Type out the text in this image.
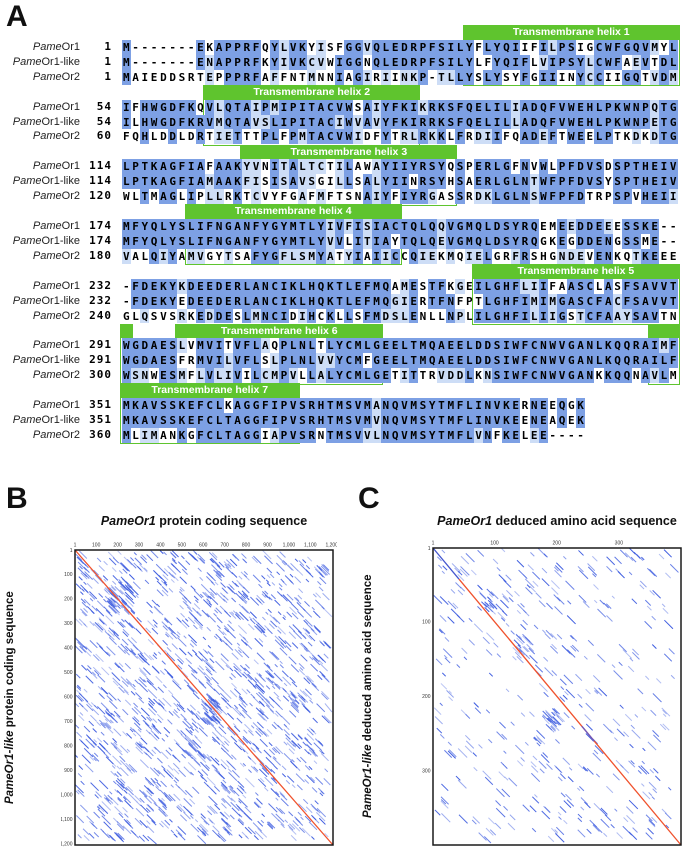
A	Transmembrane helix 1
PameOr1	1 M - - - - - - - E K A P P R F Q Y L V K Y I S F G G V Q L E D R P F S I L Y F L Y Q I I F I L P S I G C W F G Q V M Y L
PameOr1-like	1 M - - - - - - - E N A P P R F K Y I V K C V W I G G N Q L E D R P F S I L Y L F Y Q I F L V I P S Y L C W F A E V T D L
PameOr2	1 M A I E D D S R T E P P P R F A F F N T M N N I A G I R I I N K P - T L L Y S L Y S Y F G I I I N Y C C I I G Q T V D M
Transmembrane helix 2
PameOr1	54 I F H W G D F K Q V L Q T A I P M I P I T A C V W S A I Y F K I K R K S F Q E L I L I A D Q F V W E H L P K W N P Q T G
PameOr1-like	54 I L H W G D F K R V M Q T A V S L I P I T A C I W V A V Y F K I R R K S F Q E L I L L A D Q F V W E H L P K W N P E T G
PameOr2	60 F Q H L D D L D R T I E T T T P L F P M T A C V W I D F Y T R L R K K L F R D I I F Q A D E F T W E E L P T K D K D T G
Transmembrane helix 3
PameOr1 114 L P T K A G F I A F A A K Y V N I T A L T C T I L A W A Y I I Y R S Y Q S P E R L G F N V W L P F D V S D S P T H E I V
PameOr1-like 114 L P T K A G F I A M A A K F I S I S A V S G I L L S A L Y I I N R S Y H S A E R L G L N T W F P F D V S Y S P T H E I V
PameOr2 120 W L T M A G L I P L L R K T C V Y F G A F M F T S N A I Y F I Y R G A S S R D K L G L N S W F P F D T R P S P V H E I I
Transmembrane helix 4
PameOr1 174 M F Y Q L Y S L I F N G A N F Y G Y M T L Y I V F I S I A C T Q L Q Q V G M Q L D S Y R Q E M E E D D E E E S S K E - -
PameOr1-like 174 M F Y Q L Y S L I F N G A N F Y G Y M T L Y V V L I T I A Y T Q L Q E V G M Q L D S Y R Q G K E G D D E N G S S M E - -
PameOr2 180 V A L Q I Y A M V G Y T S A F Y G F L S M Y A T Y I A I I C C Q I E K M Q I E L G R F R S H G N D E V E N K Q T K E E E
Transmembrane helix 5
PameOr1 232 - F D E K Y K D E E D E R L A N C I K L H Q K T L E F M Q A M E S T F K G E I L G H F L I I F A A S C L A S F S A V V T
PameOr1-like 232 - F D E K Y E D E E D E R L A N C I K L H Q K T L E F M Q G I E R T F N F P T L G H F I M I M G A S C F A C F S A V V T
PameOr2 240 G L Q S V S R K E D D E S L M N C I D I H C K L L S F M D S L E N L L N P L I L G H F I L I I G S T C F A A Y S A V T N
Transmembrane helix 6
PameOr1 291 W G D A E S L V M V I T V F L A Q P L N L T L Y C M L G E E L T M Q A E E L D D S I W F C N W V G A N L K Q Q R A I M F
PameOr1-like 291 W G D A E S F R M V I L V F L S L P L N L V V Y C M F G E E L T M Q A E E L D D S I W F C N W V G A N L K Q Q R A I L F
PameOr2 300 W S N W E S M F L V L I V I L C M P V L L A L Y C M L G E T I T T R V D D L K N S I W F C N W V G A N K K Q Q N A V L M
Transmembrane helix 7
PameOr1 351 M K A V S S K E F C L K A G G F I P V S R H T M S V M A N Q V M S Y T M F L I N V K E R N E E Q G K
PameOr1-like 351 M K A V S S K E F C L T A G G F I P V S R H T M S V M V N Q V M S Y T M F L I N V K E E N E A Q E K
PameOr2 360 M L I M A N K G F C L T A G G I A P V S R N T M S V V L N Q V M S Y T M F L V N F K E L E E - - - -
B	C
PameOr1 protein coding sequence	PameOr1 deduced amino acid sequence
PameOr1-like protein coding sequence
PameOr1-like deduced amino acid sequence
1	100	200	300	400	500	600	700	800	900 1,000 1,100 1,200
1
100
200
300
400
500
600
700
800
900
1,000
1,100
1,200
1	100	200	300
1
100
200
300
